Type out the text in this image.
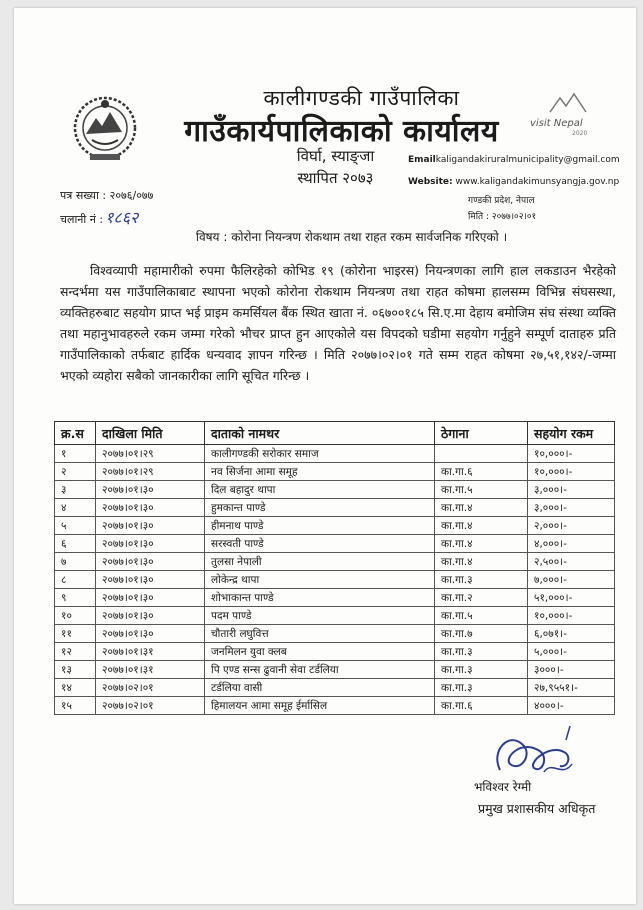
visit Nepal
2020
कालीगण्डकी गाउँपालिका
गाउँकार्यपालिकाको कार्यालय
विर्घा, स्याङ्जा
स्थापित २०७३
Emailkaligandakiruralmunicipality@gmail.com
Website: www.kaligandakimunsyangja.gov.np
गण्डकी प्रदेश, नेपाल
मिति : २०७७।०२।०१
पत्र सख्या : २०७६/०७७
चलानी नं : १८६२
विषय : कोरोना नियन्त्रण रोकथाम तथा राहत रकम सार्वजनिक गरिएको ।
विश्वव्यापी महामारीको रुपमा फैलिरहेको कोभिड १९ (कोरोना भाइरस) नियन्त्रणका लागि हाल लकडाउन भैरहेको सन्दर्भमा यस गाउँपालिकाबाट स्थापना भएको कोरोना रोकथाम नियन्त्रण तथा राहत कोषमा हालसम्म विभिन्न संघसस्था, व्यक्तिहरुबाट सहयोग प्राप्त भई प्राइम कमर्सियल बैंक स्थित खाता नं. ०६७००१८५ सि.ए.मा देहाय बमोजिम संघ संस्था व्यक्ति तथा महानुभावहरुले रकम जम्मा गरेको भौचर प्राप्त हुन आएकोले यस विपदको घडीमा सहयोग गर्नुहुने सम्पूर्ण दाताहरु प्रति गाउँपालिकाको तर्फबाट हार्दिक धन्यवाद ज्ञापन गरिन्छ । मिति २०७७।०२।०१ गते सम्म राहत कोषमा २७,५१,१४२/-जम्मा भएको व्यहोरा सबैको जानकारीका लागि सूचित गरिन्छ ।
क्र.स	दाखिला मिति	दाताको नामथर	ठेगाना	सहयोग रकम
१	२०७७।०१।२९	कालीगण्डकी सरोकार समाज		१०,०००।-
२	२०७७।०१।२९	नव सिर्जना आमा समूह	का.गा.६	१०,०००।-
३	२०७७।०१।३०	दिल बहादुर थापा	का.गा.५	३,०००।-
४	२०७७।०१।३०	हुमकान्त पाण्डे	का.गा.४	३,०००।-
५	२०७७।०१।३०	हीमनाथ पाण्डे	का.गा.४	२,०००।-
६	२०७७।०१।३०	सरस्वती पाण्डे	का.गा.४	४,०००।-
७	२०७७।०१।३०	तुलसा नेपाली	का.गा.४	२,५००।-
८	२०७७।०१।३०	लोकेन्द्र थापा	का.गा.३	७,०००।-
९	२०७७।०१।३०	शोभाकान्त पाण्डे	का.गा.२	५१,०००।-
१०	२०७७।०१।३०	पदम पाण्डे	का.गा.५	१०,०००।-
११	२०७७।०१।३०	चौतारी लघुवित्त	का.गा.७	६,०७१।-
१२	२०७७।०१।३१	जनमिलन युवा क्लब	का.गा.३	५,०००।-
१३	२०७७।०१।३१	पि एण्ड सन्स ढुवानी सेवा टर्डलिया	का.गा.३	३०००।-
१४	२०७७।०२।०१	टर्डलिया वासी	का.गा.३	२७,९५५१।-
१५	२०७७।०२।०१	हिमालयन आमा समूह ईर्मासिल	का.गा.६	४०००।-
भविश्वर रेग्मी
प्रमुख प्रशासकीय अधिकृत
